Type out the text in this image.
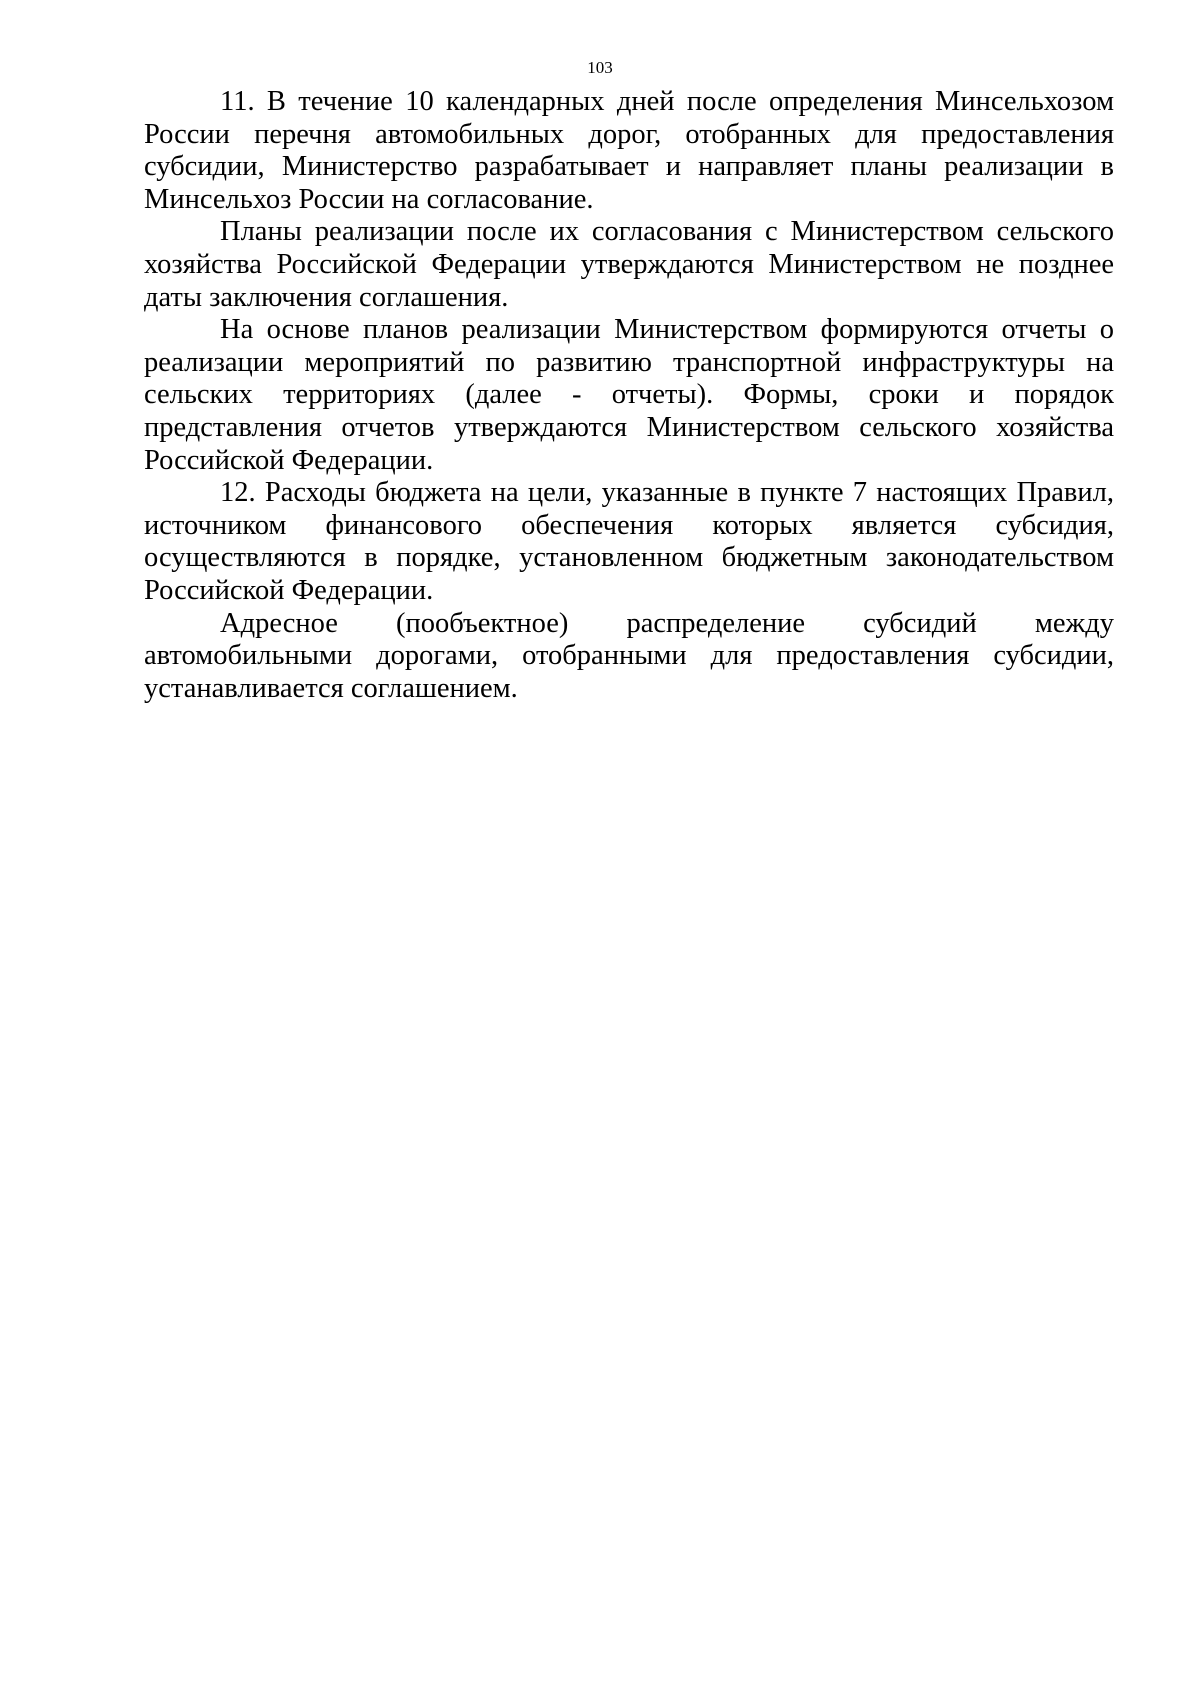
103

11. В течение 10 календарных дней после определения Минсельхозом России перечня автомобильных дорог, отобранных для предоставления субсидии, Министерство разрабатывает и направляет планы реализации в Минсельхоз России на согласование.

Планы реализации после их согласования с Министерством сельского хозяйства Российской Федерации утверждаются Министерством не позднее даты заключения соглашения.

На основе планов реализации Министерством формируются отчеты о реализации мероприятий по развитию транспортной инфраструктуры на сельских территориях (далее - отчеты). Формы, сроки и порядок представления отчетов утверждаются Министерством сельского хозяйства Российской Федерации.

12. Расходы бюджета на цели, указанные в пункте 7 настоящих Правил, источником финансового обеспечения которых является субсидия, осуществляются в порядке, установленном бюджетным законодательством Российской Федерации.

Адресное (пообъектное) распределение субсидий между автомобильными дорогами, отобранными для предоставления субсидии, устанавливается соглашением.
